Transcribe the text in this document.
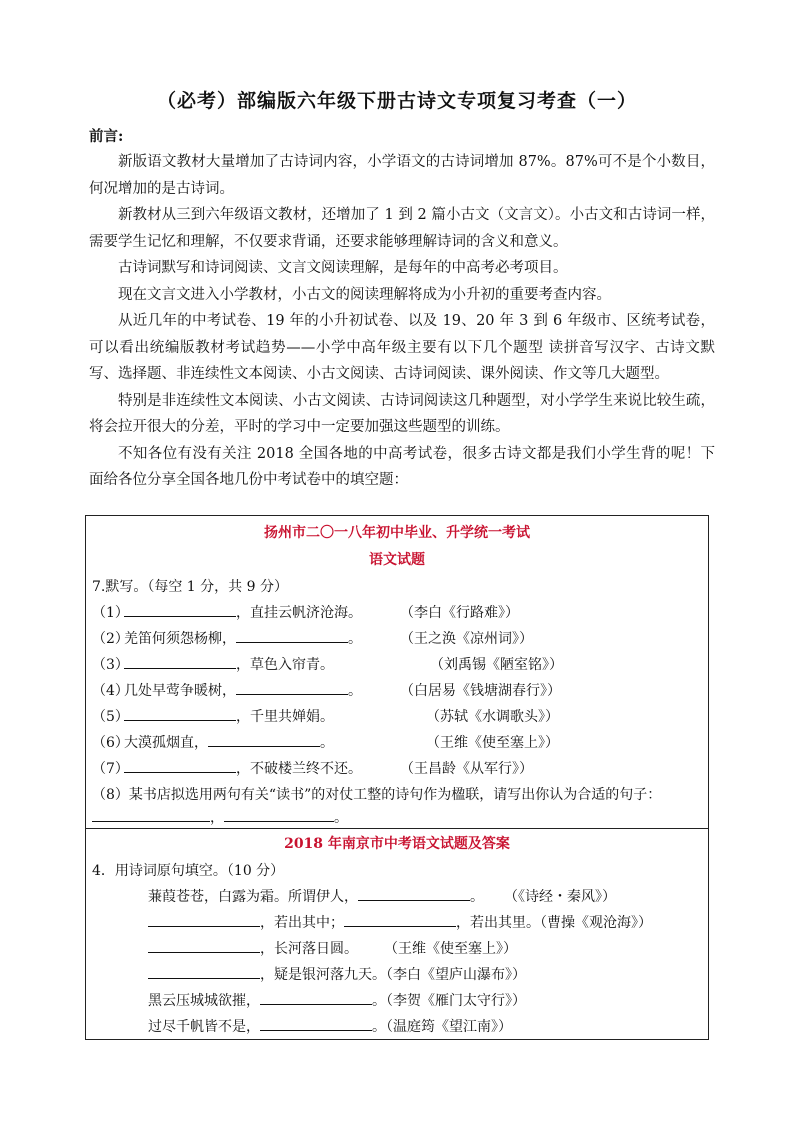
（必考）部编版六年级下册古诗文专项复习考查（一）
前言:

新版语文教材大量增加了古诗词内容，小学语文的古诗词增加 87%。87%可不是个小数目，何况增加的是古诗词。

新教材从三到六年级语文教材，还增加了 1 到 2 篇小古文（文言文）。小古文和古诗词一样，需要学生记忆和理解，不仅要求背诵，还要求能够理解诗词的含义和意义。

古诗词默写和诗词阅读、文言文阅读理解，是每年的中高考必考项目。

现在文言文进入小学教材，小古文的阅读理解将成为小升初的重要考查内容。

从近几年的中考试卷、19 年的小升初试卷、以及 19、20 年 3 到 6 年级市、区统考试卷，可以看出统编版教材考试趋势——小学中高年级主要有以下几个题型 读拼音写汉字、古诗文默写、选择题、非连续性文本阅读、小古文阅读、古诗词阅读、课外阅读、作文等几大题型。

特别是非连续性文本阅读、小古文阅读、古诗词阅读这几种题型，对小学学生来说比较生疏，将会拉开很大的分差，平时的学习中一定要加强这些题型的训练。

不知各位有没有关注 2018 全国各地的中高考试卷，很多古诗文都是我们小学生背的呢！下面给各位分享全国各地几份中考试卷中的填空题：

扬州市二〇一八年初中毕业、升学统一考试
语文试题
7.默写。（每空 1 分，共 9 分）
（1）	，直挂云帆济沧海。	（李白《行路难》）
（2）羌笛何须怨杨柳，	。	（王之涣《凉州词》）
（3）	，草色入帘青。	（刘禹锡《陋室铭》）
（4）几处早莺争暖树，	。	（白居易《钱塘湖春行》）
（5）	，千里共婵娟。	（苏轼《水调歌头》）
（6）大漠孤烟直，	。	（王维《使至塞上》）
（7）	，不破楼兰终不还。	（王昌龄《从军行》）
（8）某书店拟选用两句有关“读书”的对仗工整的诗句作为楹联，请写出你认为合适的句子：
，	。
2018 年南京市中考语文试题及答案
4．用诗词原句填空。（10 分）
蒹葭苍苍，白露为霜。所谓伊人，	。 （《诗经・秦风》）
，若出其中；	，若出其里。（曹操《观沧海》）
，长河落日圆。 （王维《使至塞上》）
，疑是银河落九天。（李白《望庐山瀑布》）
黑云压城城欲摧，	。（李贺《雁门太守行》）
过尽千帆皆不是，	。（温庭筠《望江南》）
